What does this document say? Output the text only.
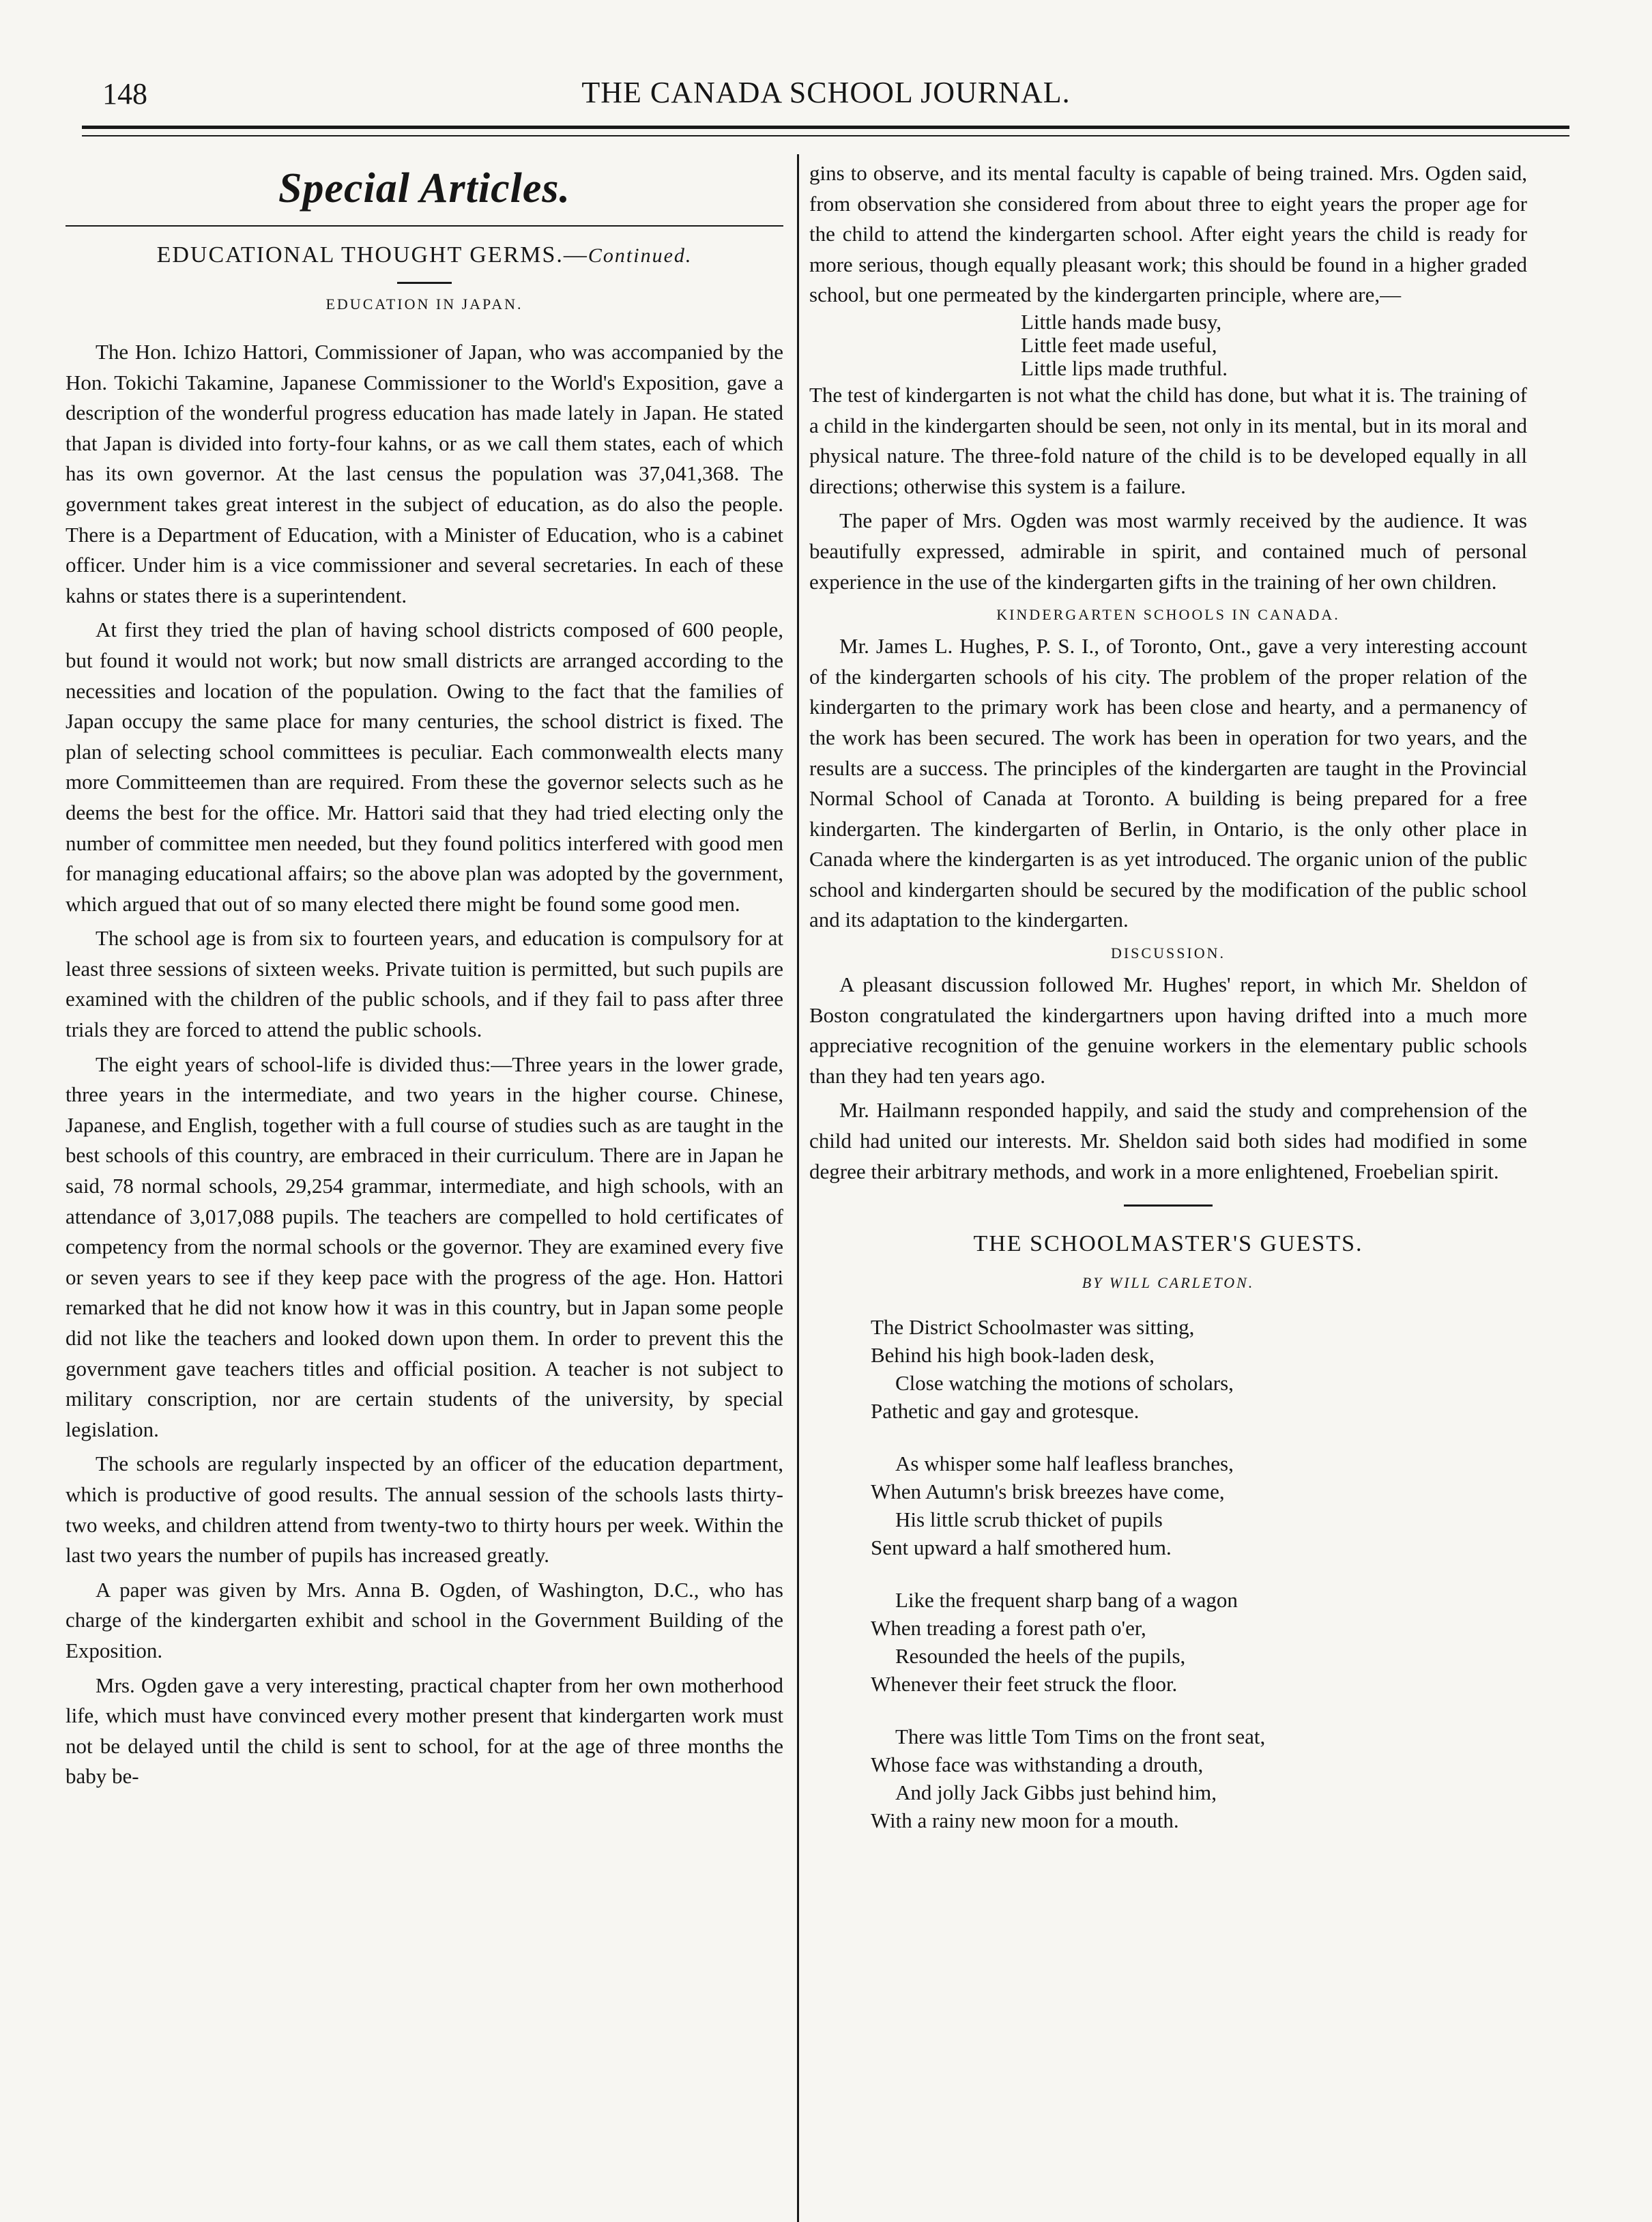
148	THE CANADA SCHOOL JOURNAL.
Special Articles.
EDUCATIONAL THOUGHT GERMS.—Continued.
EDUCATION IN JAPAN.

The Hon. Ichizo Hattori, Commissioner of Japan, who was accompanied by the Hon. Tokichi Takamine, Japanese Commissioner to the World's Exposition, gave a description of the wonderful progress education has made lately in Japan. He stated that Japan is divided into forty-four kahns, or as we call them states, each of which has its own governor. At the last census the population was 37,041,368. The government takes great interest in the subject of education, as do also the people. There is a Department of Education, with a Minister of Education, who is a cabinet officer. Under him is a vice commissioner and several secretaries. In each of these kahns or states there is a superintendent.

At first they tried the plan of having school districts composed of 600 people, but found it would not work; but now small districts are arranged according to the necessities and location of the population. Owing to the fact that the families of Japan occupy the same place for many centuries, the school district is fixed. The plan of selecting school committees is peculiar. Each commonwealth elects many more Committeemen than are required. From these the governor selects such as he deems the best for the office. Mr. Hattori said that they had tried electing only the number of committee men needed, but they found politics interfered with good men for managing educational affairs; so the above plan was adopted by the government, which argued that out of so many elected there might be found some good men.

The school age is from six to fourteen years, and education is compulsory for at least three sessions of sixteen weeks. Private tuition is permitted, but such pupils are examined with the children of the public schools, and if they fail to pass after three trials they are forced to attend the public schools.

The eight years of school-life is divided thus:—Three years in the lower grade, three years in the intermediate, and two years in the higher course. Chinese, Japanese, and English, together with a full course of studies such as are taught in the best schools of this country, are embraced in their curriculum. There are in Japan he said, 78 normal schools, 29,254 grammar, intermediate, and high schools, with an attendance of 3,017,088 pupils. The teachers are compelled to hold certificates of competency from the normal schools or the governor. They are examined every five or seven years to see if they keep pace with the progress of the age. Hon. Hattori remarked that he did not know how it was in this country, but in Japan some people did not like the teachers and looked down upon them. In order to prevent this the government gave teachers titles and official position. A teacher is not subject to military conscription, nor are certain students of the university, by special legislation.

The schools are regularly inspected by an officer of the education department, which is productive of good results. The annual session of the schools lasts thirty-two weeks, and children attend from twenty-two to thirty hours per week. Within the last two years the number of pupils has increased greatly.

A paper was given by Mrs. Anna B. Ogden, of Washington, D.C., who has charge of the kindergarten exhibit and school in the Government Building of the Exposition.

Mrs. Ogden gave a very interesting, practical chapter from her own motherhood life, which must have convinced every mother present that kindergarten work must not be delayed until the child is sent to school, for at the age of three months the baby be-

gins to observe, and its mental faculty is capable of being trained. Mrs. Ogden said, from observation she considered from about three to eight years the proper age for the child to attend the kindergarten school. After eight years the child is ready for more serious, though equally pleasant work; this should be found in a higher graded school, but one permeated by the kindergarten principle, where are,—

Little hands made busy,
Little feet made useful,
Little lips made truthful.

The test of kindergarten is not what the child has done, but what it is. The training of a child in the kindergarten should be seen, not only in its mental, but in its moral and physical nature. The three-fold nature of the child is to be developed equally in all directions; otherwise this system is a failure.

The paper of Mrs. Ogden was most warmly received by the audience. It was beautifully expressed, admirable in spirit, and contained much of personal experience in the use of the kindergarten gifts in the training of her own children.

KINDERGARTEN SCHOOLS IN CANADA.

Mr. James L. Hughes, P. S. I., of Toronto, Ont., gave a very interesting account of the kindergarten schools of his city. The problem of the proper relation of the kindergarten to the primary work has been close and hearty, and a permanency of the work has been secured. The work has been in operation for two years, and the results are a success. The principles of the kindergarten are taught in the Provincial Normal School of Canada at Toronto. A building is being prepared for a free kindergarten. The kindergarten of Berlin, in Ontario, is the only other place in Canada where the kindergarten is as yet introduced. The organic union of the public school and kindergarten should be secured by the modification of the public school and its adaptation to the kindergarten.

DISCUSSION.

A pleasant discussion followed Mr. Hughes' report, in which Mr. Sheldon of Boston congratulated the kindergartners upon having drifted into a much more appreciative recognition of the genuine workers in the elementary public schools than they had ten years ago.

Mr. Hailmann responded happily, and said the study and comprehension of the child had united our interests. Mr. Sheldon said both sides had modified in some degree their arbitrary methods, and work in a more enlightened, Froebelian spirit.

THE SCHOOLMASTER'S GUESTS.
BY WILL CARLETON.
The District Schoolmaster was sitting,
Behind his high book-laden desk,
Close watching the motions of scholars,
Pathetic and gay and grotesque.
As whisper some half leafless branches,
When Autumn's brisk breezes have come,
His little scrub thicket of pupils
Sent upward a half smothered hum.
Like the frequent sharp bang of a wagon
When treading a forest path o'er,
Resounded the heels of the pupils,
Whenever their feet struck the floor.
There was little Tom Tims on the front seat,
Whose face was withstanding a drouth,
And jolly Jack Gibbs just behind him,
With a rainy new moon for a mouth.
